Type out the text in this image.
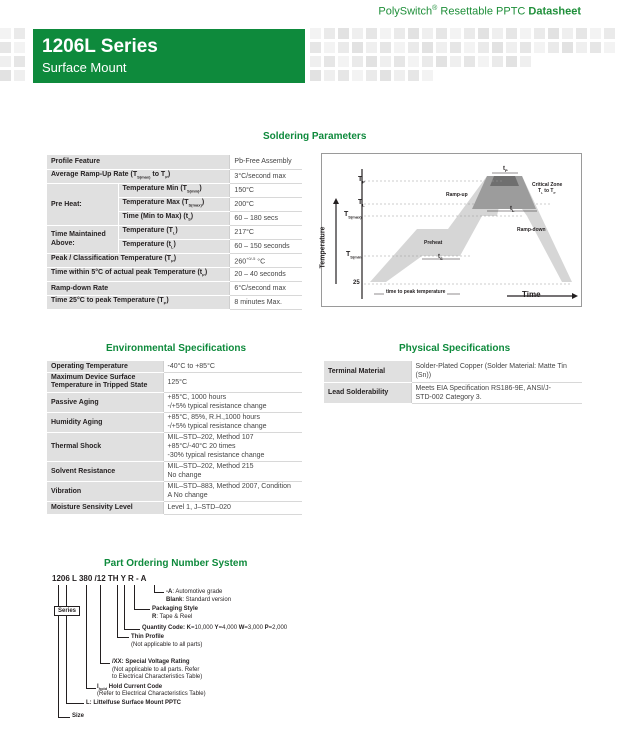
PolySwitch® Resettable PPTC Datasheet
1206L Series
Surface Mount
Soldering Parameters
Profile Feature		Pb-Free Assembly
Average Ramp-Up Rate ($T_{S(max)}$ to $T_P$)		3°C/second max
Pre Heat:	Temperature Min $(T_{S(min)})$	150°C
	Temperature Max $(T_{S(max)})$	200°C
	Time (Min to Max) $(t_S)$	60 – 180 secs
Time Maintained Above:	Temperature $(T_L)$	217°C
	Temperature $(t_L)$	60 – 150 seconds
Peak / Classification Temperature $(T_P)$		$260^{+0/-5}$ °C
Time within 5°C of actual peak Temperature $(t_P)$		20 – 40 seconds
Ramp-down Rate		6°C/second max
Time 25°C to peak Temperature $(T_P)$		8 minutes Max.
$T_P$
$T_L$
$T_{S(max)}$
$T_{S(min)}$
25
Temperature
Time
Ramp-up
Ramp-down
Preheat
Critical Zone
$T_L$ to $T_P$
$t_P$
$t_L$
$t_S$
time to peak temperature
Environmental Specifications
Operating Temperature	-40°C to +85°C

Maximum Device Surface Temperature in Tripped State	125°C

Passive Aging	+85°C, 1000 hours
-/+5% typical resistance change

Humidity Aging	+85°C, 85%, R.H.,1000 hours
-/+5% typical resistance change

Thermal Shock	MIL–STD–202, Method 107
+85°C/-40°C 20 times
-30% typical resistance change

Solvent Resistance	MIL–STD–202, Method 215
No change

Vibration	MIL–STD–883, Method 2007, Condition
A No change

Moisture Sensivity Level	Level 1, J–STD–020
Physical Specifications
Terminal Material	Solder-Plated Copper (Solder Material: Matte Tin
(Sn))

Lead Solderability	Meets EIA Specification RS186-9E, ANSI/J-
STD-002 Category 3.
Part Ordering Number System
1206 L 380 /12 TH Y R - A
Series
-A: Automotive grade
Blank: Standard version
Packaging Style
R: Tape & Reel
Quantity Code: K=10,000 Y=4,000 W=3,000 P=2,000
Thin Profile
(Not applicable to all parts)
/XX: Special Voltage Rating
(Not applicable to all parts. Refer
to Electrical Characteristics Table)
$I_{hold}$ Hold Current Code
(Refer to Electrical Characteristics Table)
L: Littelfuse Surface Mount PPTC
Size
